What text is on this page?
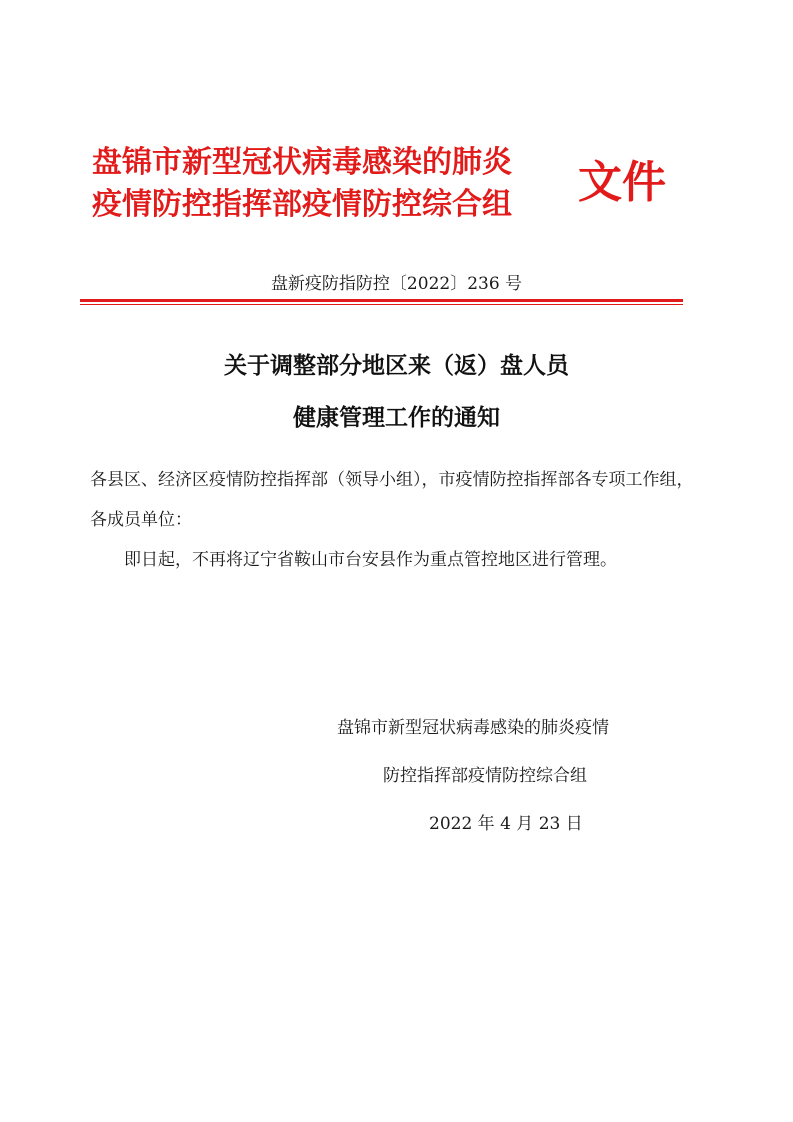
盘锦市新型冠状病毒感染的肺炎
疫情防控指挥部疫情防控综合组	文件
盘新疫防指防控〔2022〕236 号
关于调整部分地区来（返）盘人员
健康管理工作的通知
各县区、经济区疫情防控指挥部（领导小组），市疫情防控指挥部各专项工作组，各成员单位：
即日起，不再将辽宁省鞍山市台安县作为重点管控地区进行管理。
盘锦市新型冠状病毒感染的肺炎疫情
防控指挥部疫情防控综合组
2022 年 4 月 23 日
